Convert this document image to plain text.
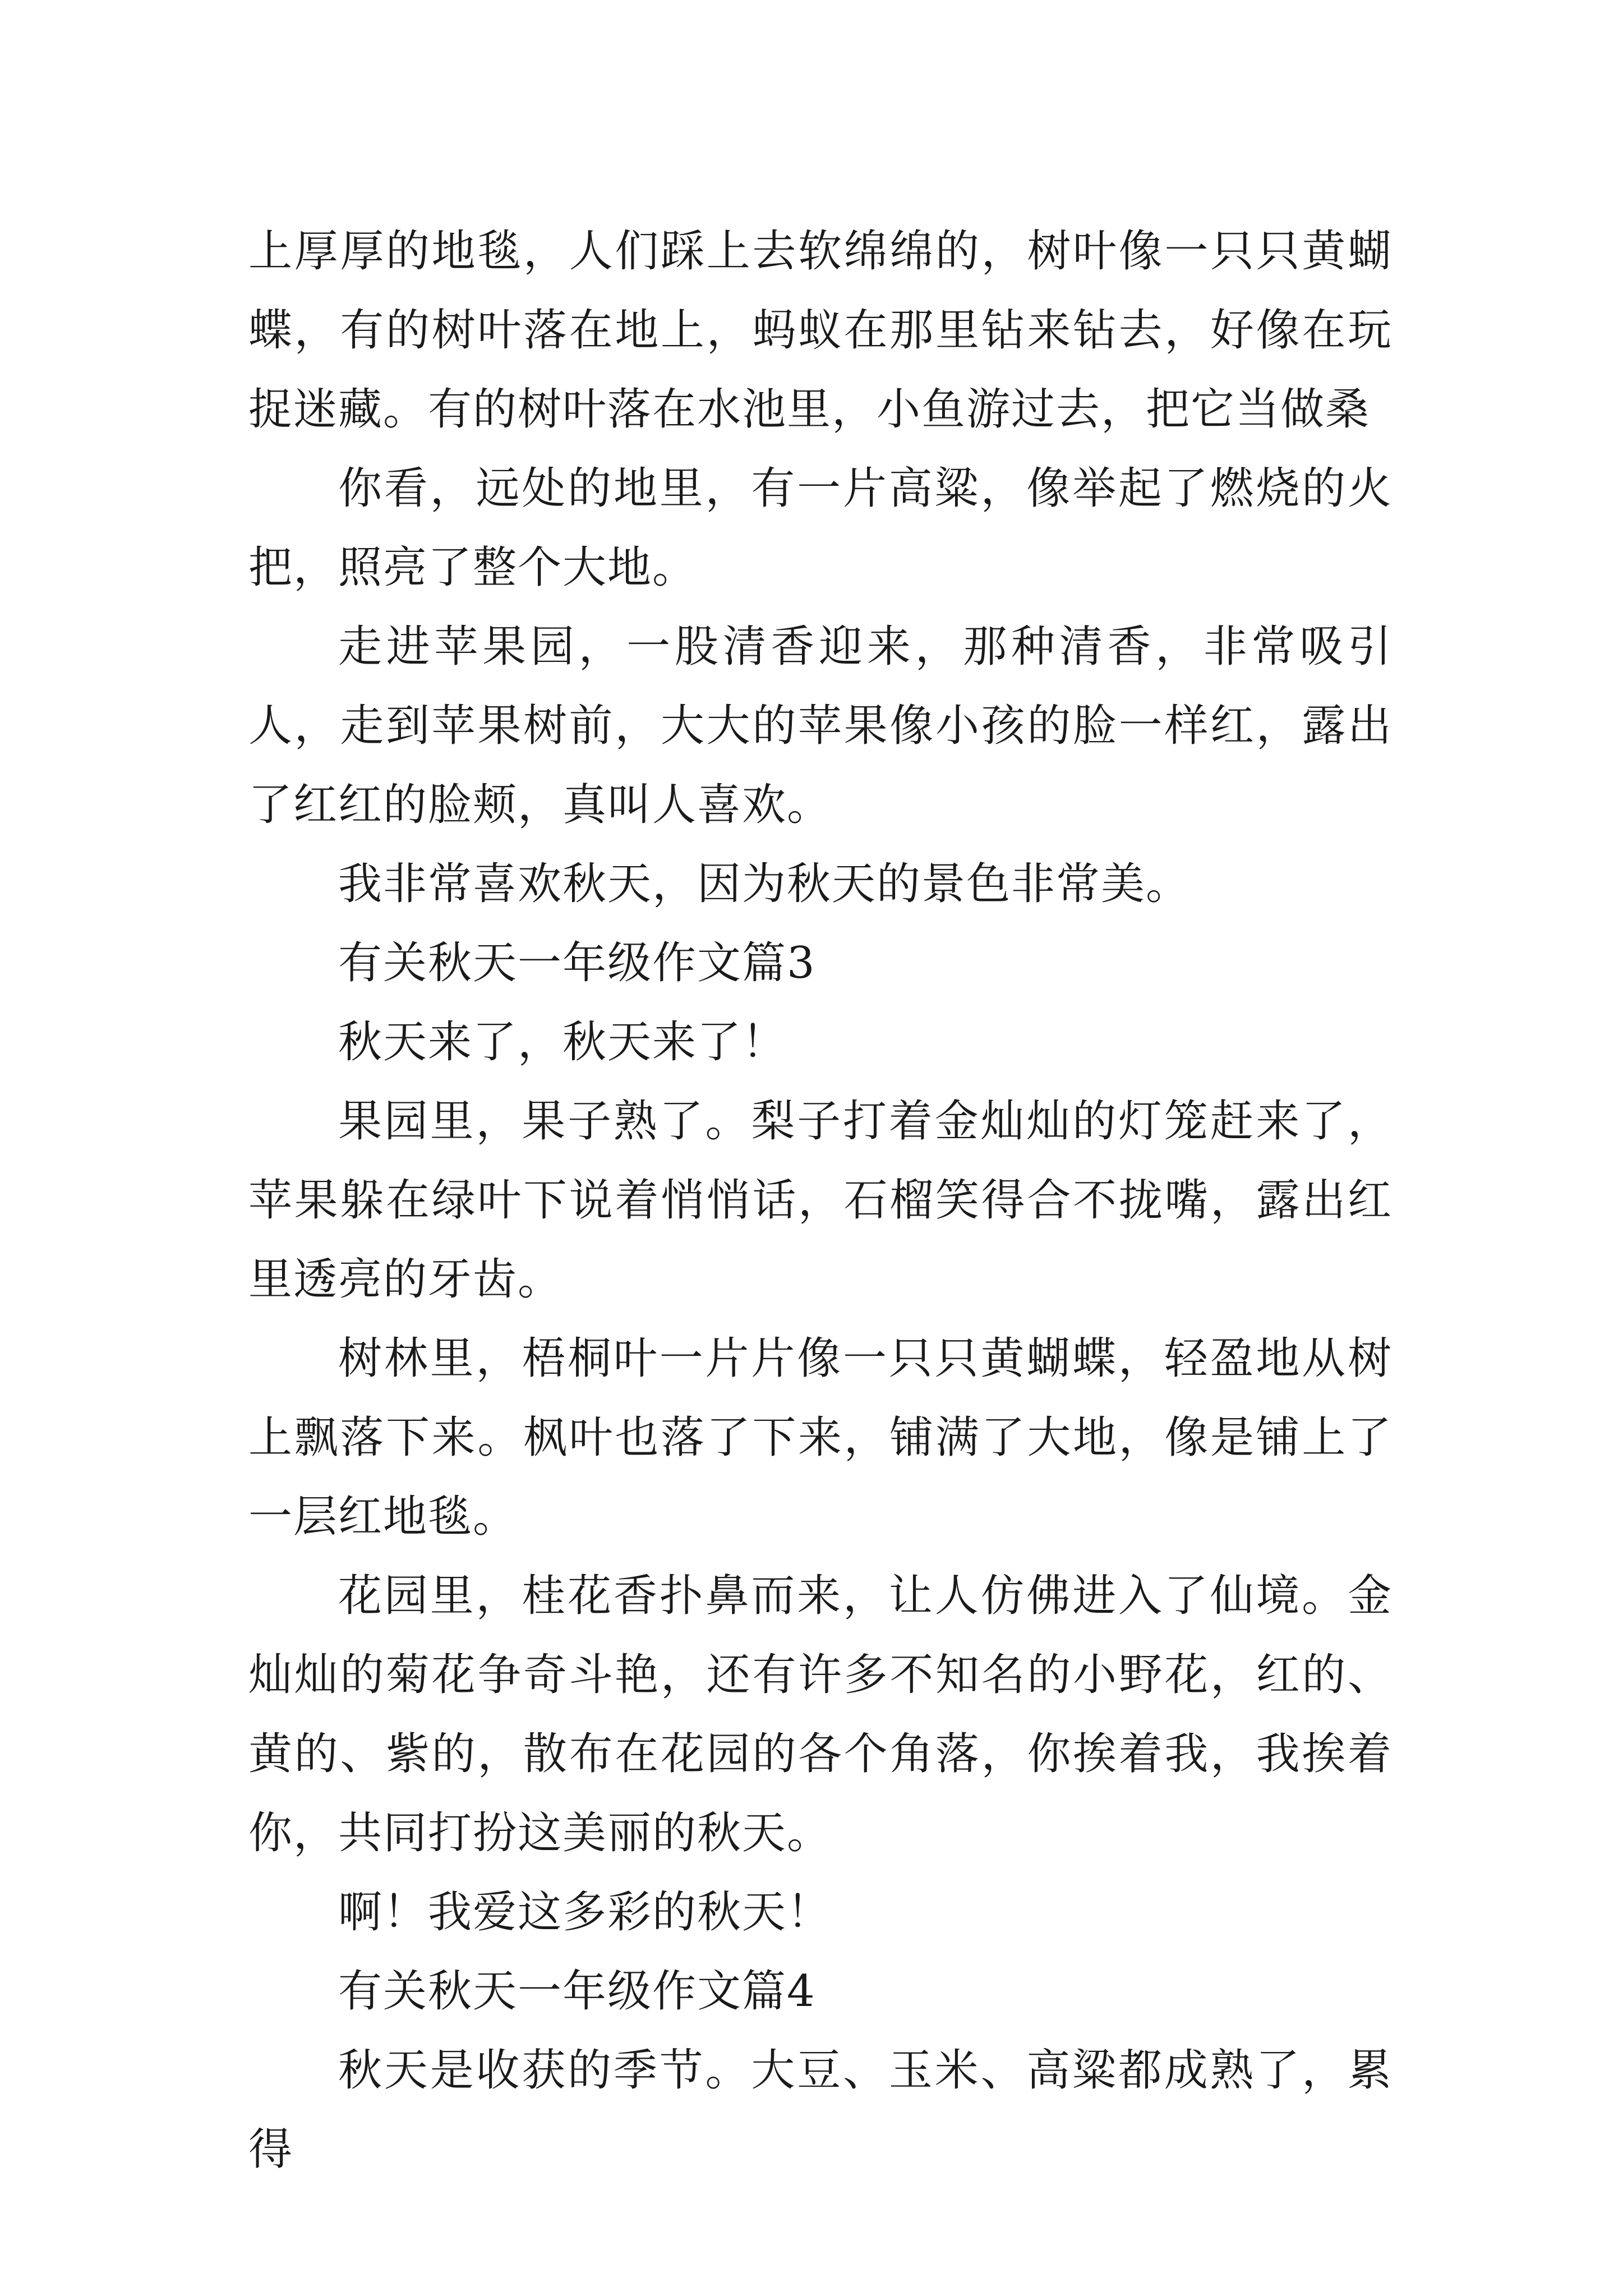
上厚厚的地毯，人们踩上去软绵绵的，树叶像一只只黄蝴蝶，有的树叶落在地上，蚂蚁在那里钻来钻去，好像在玩捉迷藏。有的树叶落在水池里，小鱼游过去，把它当做桑

你看，远处的地里，有一片高粱，像举起了燃烧的火把，照亮了整个大地。

走进苹果园，一股清香迎来，那种清香，非常吸引人，走到苹果树前，大大的苹果像小孩的脸一样红，露出了红红的脸颊，真叫人喜欢。

我非常喜欢秋天，因为秋天的景色非常美。

有关秋天一年级作文篇3

秋天来了，秋天来了！

果园里，果子熟了。梨子打着金灿灿的灯笼赶来了，苹果躲在绿叶下说着悄悄话，石榴笑得合不拢嘴，露出红里透亮的牙齿。

树林里，梧桐叶一片片像一只只黄蝴蝶，轻盈地从树上飘落下来。枫叶也落了下来，铺满了大地，像是铺上了一层红地毯。

花园里，桂花香扑鼻而来，让人仿佛进入了仙境。金灿灿的菊花争奇斗艳，还有许多不知名的小野花，红的、黄的、紫的，散布在花园的各个角落，你挨着我，我挨着你，共同打扮这美丽的秋天。

啊！我爱这多彩的秋天！

有关秋天一年级作文篇4

秋天是收获的季节。大豆、玉米、高粱都成熟了，累得
